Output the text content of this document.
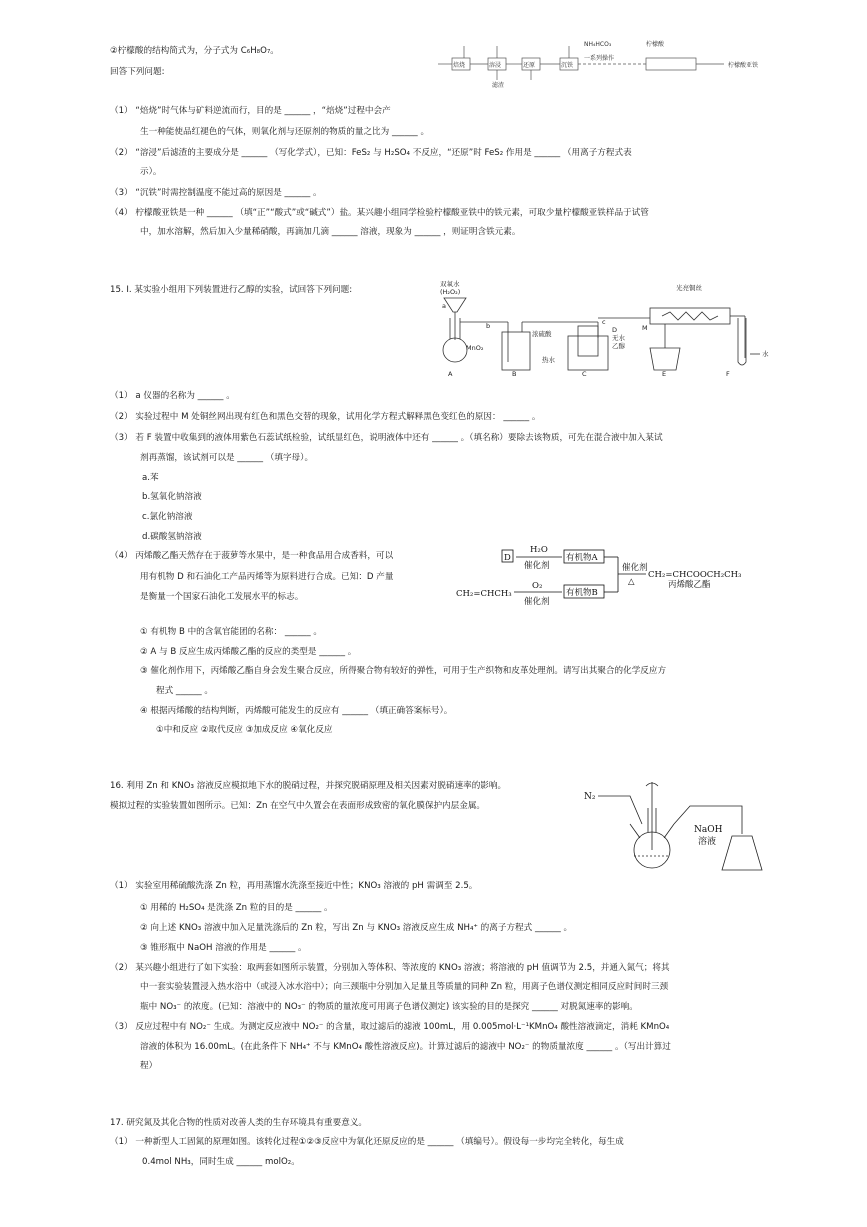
②柠檬酸的结构简式为，分子式为 C₆H₈O₇。
回答下列问题:
（1） “焙烧”时气体与矿料逆流而行，目的是 ______ ，“焙烧”过程中会产
生一种能使品红褪色的气体，则氧化剂与还原剂的物质的量之比为 ______ 。
（2） “溶浸”后滤渣的主要成分是 ______ （写化学式），已知：FeS₂ 与 H₂SO₄ 不反应，“还原”时 FeS₂ 作用是 ______ （用离子方程式表
示）。
（3） “沉铁”时需控制温度不能过高的原因是 ______ 。
（4） 柠檬酸亚铁是一种 ______ （填“正”“酸式”或“碱式”）盐。某兴趣小组同学检验柠檬酸亚铁中的铁元素，可取少量柠檬酸亚铁样品于试管
中，加水溶解，然后加入少量稀硝酸，再滴加几滴 ______ 溶液，现象为 ______ ，则证明含铁元素。
15. Ⅰ. 某实验小组用下列装置进行乙醇的实验，试回答下列问题:
（1） a 仪器的名称为 ______ 。
（2） 实验过程中 M 处铜丝网出现有红色和黑色交替的现象，试用化学方程式解释黑色变红色的原因： ______ 。
（3） 若 F 装置中收集到的液体用紫色石蕊试纸检验，试纸显红色，说明液体中还有 ______ 。（填名称）要除去该物质，可先在混合液中加入某试
剂再蒸馏，该试剂可以是 ______ （填字母）。
a.苯
b.氢氧化钠溶液
c.氯化钠溶液
d.碳酸氢钠溶液
（4） 丙烯酸乙酯天然存在于菠萝等水果中，是一种食品用合成香料，可以
用有机物 D 和石油化工产品丙烯等为原料进行合成。已知：D 产量
是衡量一个国家石油化工发展水平的标志。
① 有机物 B 中的含氧官能团的名称： ______ 。
② A 与 B 反应生成丙烯酸乙酯的反应的类型是 ______ 。
③ 催化剂作用下，丙烯酸乙酯自身会发生聚合反应，所得聚合物有较好的弹性，可用于生产织物和皮革处理剂。请写出其聚合的化学反应方
程式 ______ 。
④ 根据丙烯酸的结构判断，丙烯酸可能发生的反应有 ______ （填正确答案标号）。
①中和反应 ②取代反应 ③加成反应 ④氧化反应
16. 利用 Zn 和 KNO₃ 溶液反应模拟地下水的脱硝过程，并探究脱硝原理及相关因素对脱硝速率的影响。
模拟过程的实验装置如图所示。已知：Zn 在空气中久置会在表面形成致密的氧化膜保护内层金属。
（1） 实验室用稀硫酸洗涤 Zn 粒，再用蒸馏水洗涤至接近中性；KNO₃ 溶液的 pH 需调至 2.5。
① 用稀的 H₂SO₄ 是洗涤 Zn 粒的目的是 ______ 。
② 向上述 KNO₃ 溶液中加入足量洗涤后的 Zn 粒，写出 Zn 与 KNO₃ 溶液反应生成 NH₄⁺ 的离子方程式 ______ 。
③ 锥形瓶中 NaOH 溶液的作用是 ______ 。
（2） 某兴趣小组进行了如下实验：取两套如图所示装置，分别加入等体积、等浓度的 KNO₃ 溶液；将溶液的 pH 值调节为 2.5，并通入氮气；将其
中一套实验装置浸入热水浴中（或浸入冰水浴中）；向三颈瓶中分别加入足量且等质量的同种 Zn 粒，用离子色谱仪测定相同反应时间时三颈
瓶中 NO₃⁻ 的浓度。(已知：溶液中的 NO₃⁻ 的物质的量浓度可用离子色谱仪测定) 该实验的目的是探究 ______ 对脱氮速率的影响。
（3） 反应过程中有 NO₂⁻ 生成。为测定反应液中 NO₂⁻ 的含量，取过滤后的滤液 100mL，用 0.005mol·L⁻¹KMnO₄ 酸性溶液滴定，消耗 KMnO₄
溶液的体积为 16.00mL。(在此条件下 NH₄⁺ 不与 KMnO₄ 酸性溶液反应)。计算过滤后的滤液中 NO₂⁻ 的物质量浓度 ______ 。（写出计算过
程）
17. 研究氮及其化合物的性质对改善人类的生存环境具有重要意义。
（1） 一种新型人工固氮的原理如图。该转化过程①②③反应中为氧化还原反应的是 ______ （填编号）。假设每一步均完全转化，每生成
0.4mol NH₃，同时生成 ______ molO₂。
焙烧	溶浸	还原
滤渣
沉铁
NH₄HCO₃	柠檬酸
柠檬酸亚铁
一系列操作
双氧水
(H₂O₂)
a
b
MnO₂
浓硫酸
热水
无水
乙醇
光亮铜丝
M
水
A	B	C
D
E	F
c
D
H₂O
催化剂
有机物A
催化剂
△
CH₂=CHCOOCH₂CH₃
丙烯酸乙酯
CH₂=CHCH₃
O₂
催化剂
有机物B
N₂
NaOH
溶液
